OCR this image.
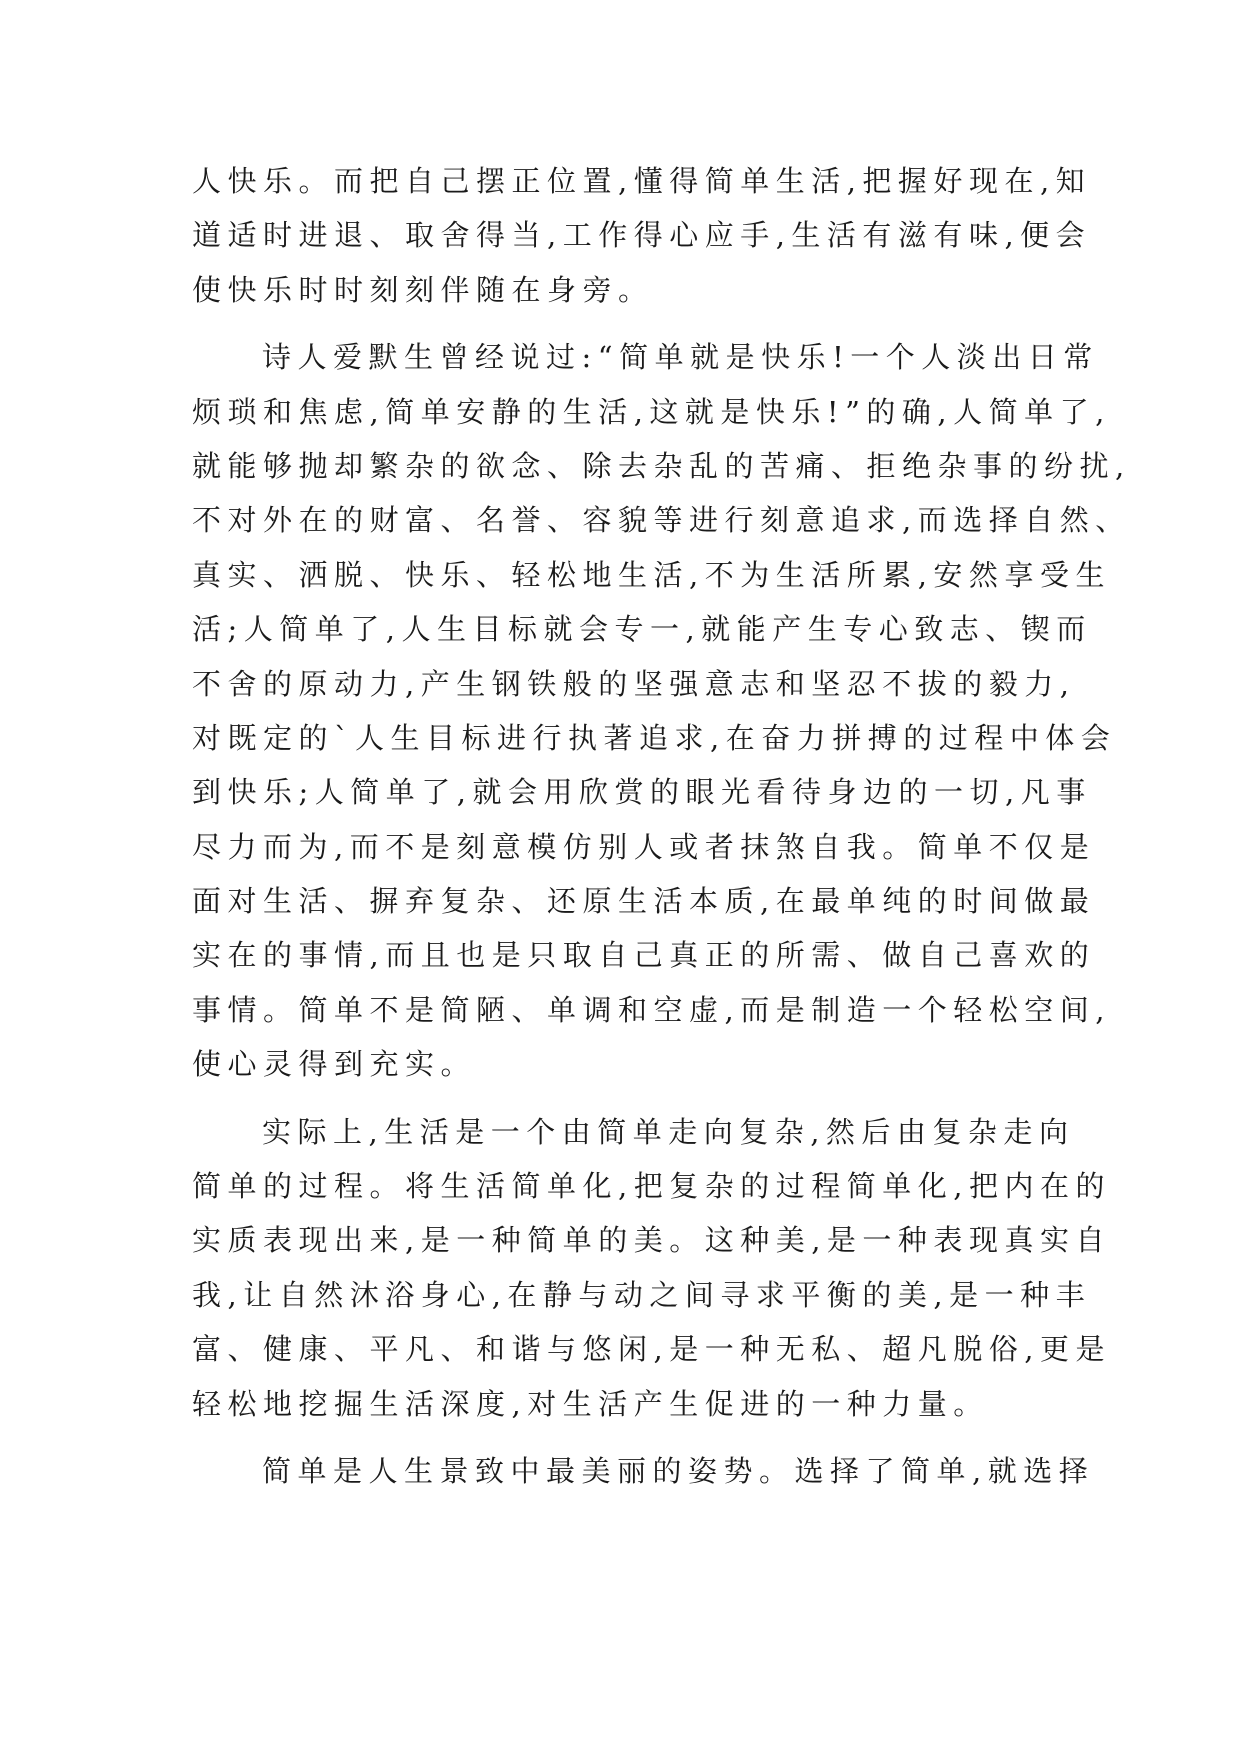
人快乐。而把自己摆正位置,懂得简单生活,把握好现在,知
道适时进退、取舍得当,工作得心应手,生活有滋有味,便会
使快乐时时刻刻伴随在身旁。
诗人爱默生曾经说过:“简单就是快乐!一个人淡出日常
烦琐和焦虑,简单安静的生活,这就是快乐!”的确,人简单了,
就能够抛却繁杂的欲念、除去杂乱的苦痛、拒绝杂事的纷扰,
不对外在的财富、名誉、容貌等进行刻意追求,而选择自然、
真实、洒脱、快乐、轻松地生活,不为生活所累,安然享受生
活;人简单了,人生目标就会专一,就能产生专心致志、锲而
不舍的原动力,产生钢铁般的坚强意志和坚忍不拔的毅力,
对既定的`人生目标进行执著追求,在奋力拼搏的过程中体会
到快乐;人简单了,就会用欣赏的眼光看待身边的一切,凡事
尽力而为,而不是刻意模仿别人或者抹煞自我。简单不仅是
面对生活、摒弃复杂、还原生活本质,在最单纯的时间做最
实在的事情,而且也是只取自己真正的所需、做自己喜欢的
事情。简单不是简陋、单调和空虚,而是制造一个轻松空间,
使心灵得到充实。
实际上,生活是一个由简单走向复杂,然后由复杂走向
简单的过程。将生活简单化,把复杂的过程简单化,把内在的
实质表现出来,是一种简单的美。这种美,是一种表现真实自
我,让自然沐浴身心,在静与动之间寻求平衡的美,是一种丰
富、健康、平凡、和谐与悠闲,是一种无私、超凡脱俗,更是
轻松地挖掘生活深度,对生活产生促进的一种力量。
简单是人生景致中最美丽的姿势。选择了简单,就选择
